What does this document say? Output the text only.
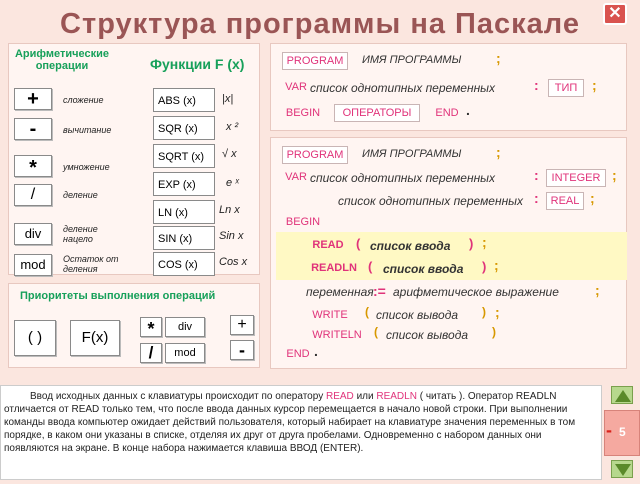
Структура программы на Паскале	✕
Арифметические операции	Функции F (x)
+	сложение
-	вычитание
*	умножение
/	деление
div	деление нацело
mod	Остаток от деления
ABS (x)	|x|
SQR (x)	x ²
SQRT (x)	√ x
EXP (x)	e ˣ
LN (x)	Ln x
SIN (x)	Sin x
COS (x)	Cos x
Приоритеты выполнения операций
( )	F(x)	*	div
/	mod
+
-
PROGRAM	ИМЯ ПРОГРАММЫ ;
VAR список однотипных переменных	:	ТИП	;
BEGIN	ОПЕРАТОРЫ	END .
PROGRAM	ИМЯ ПРОГРАММЫ ;
VAR список однотипных переменных	:	INTEGER ;
список однотипных переменных :	REAL ;
BEGIN
READ ( список ввода ) ;
READLN ( список ввода ) ;
переменная := арифметическое выражение	;
WRITE	( список вывода ) ;
WRITELN	( список вывода )
END .
Ввод исходных данных с клавиатуры происходит по оператору READ или READLN ( читать ). Оператор READLN отличается от READ только тем, что после ввода данных курсор перемещается в начало новой строки. При выполнении команды ввода компьютер ожидает действий пользователя, который набирает на клавиатуре значения переменных в том порядке, в каком они указаны в списке, отделяя их друг от друга пробелами. Одновременно с набором данных они появляются на экране. В конце набора нажимается клавиша ВВОД (ENTER).
5
-
